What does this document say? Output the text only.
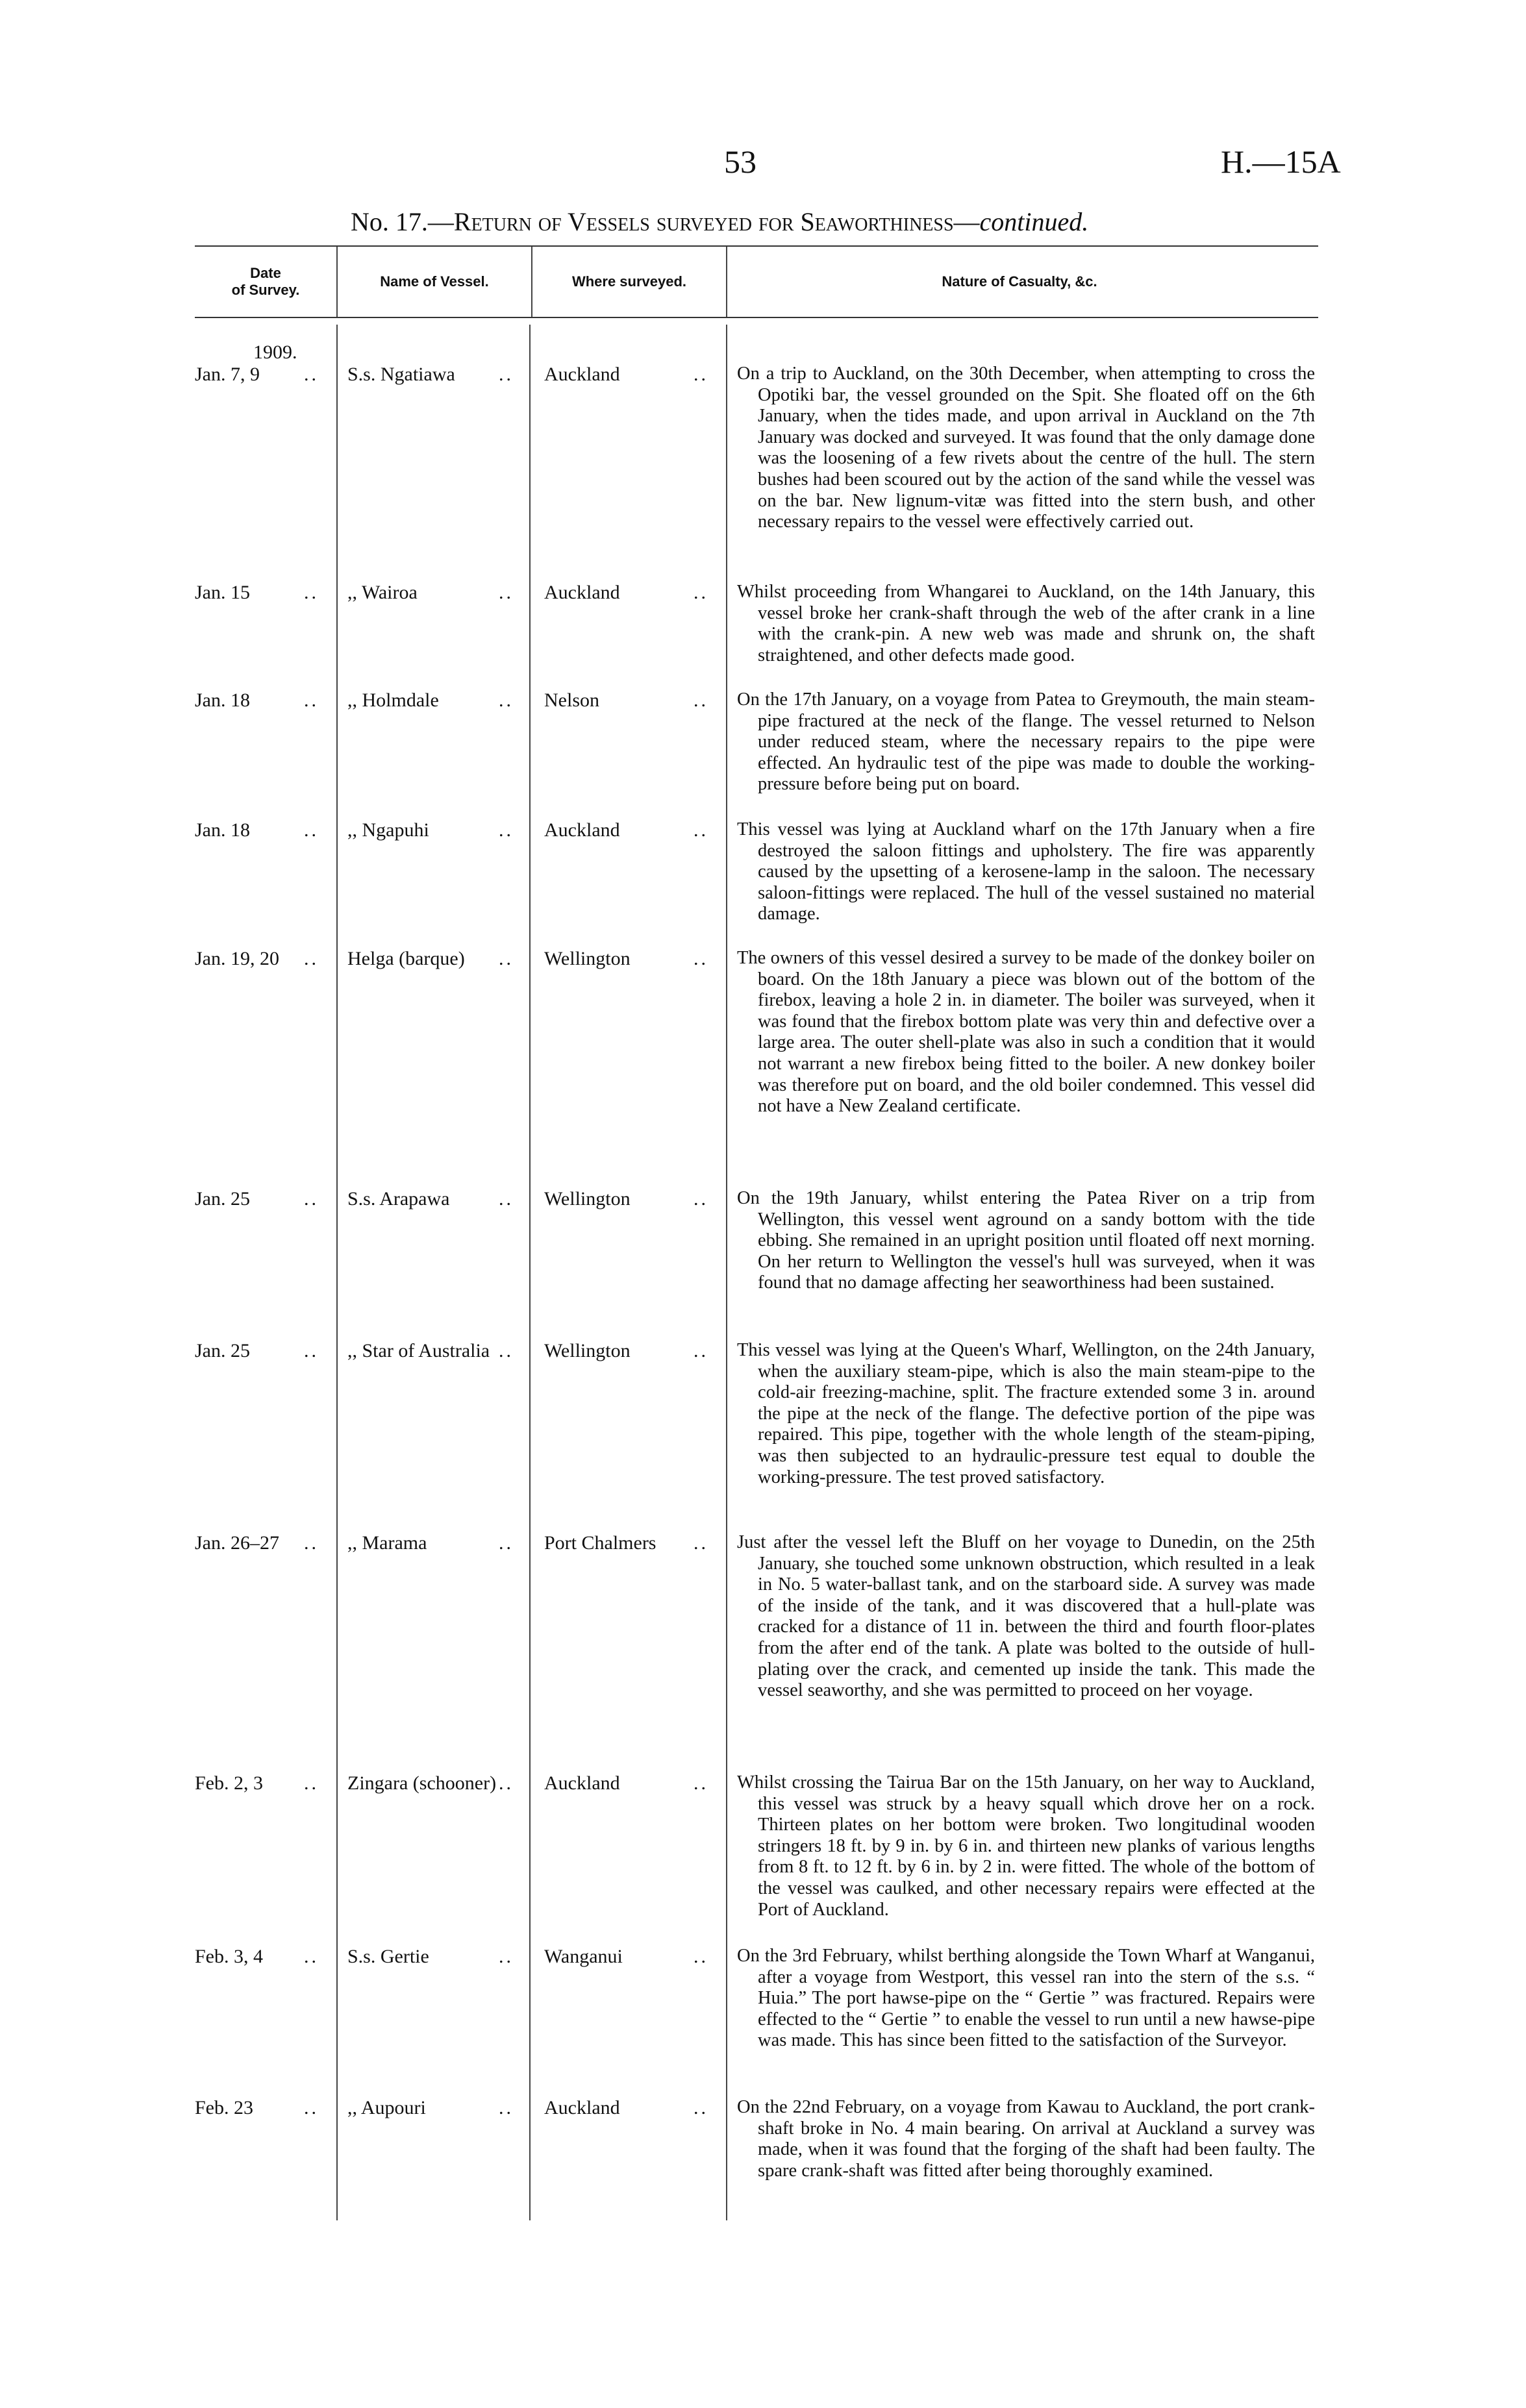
53	H.—15A
No. 17.—Return of Vessels surveyed for Seaworthiness—continued.
Date
of Survey.
Name of Vessel.	Where surveyed.	Nature of Casualty, &c.
1909.
Jan. 7, 9 .. S.s. Ngatiawa	.. Auckland	.. On a trip to Auckland, on the 30th December, when attempting to cross the Opotiki bar, the vessel grounded on the Spit. She floated off on the 6th January, when the tides made, and upon arrival in Auckland on the 7th January was docked and surveyed. It was found that the only damage done was the loosening of a few rivets about the centre of the hull. The stern bushes had been scoured out by the action of the sand while the vessel was on the bar. New lignum-vitæ was fitted into the stern bush, and other necessary repairs to the vessel were effectively carried out.

Jan. 15	.. ,, Wairoa	.. Auckland	.. Whilst proceeding from Whangarei to Auckland, on the 14th January, this vessel broke her crank-shaft through the web of the after crank in a line with the crank-pin. A new web was made and shrunk on, the shaft straightened, and other defects made good.

Jan. 18	.. ,, Holmdale	.. Nelson	.. On the 17th January, on a voyage from Patea to Greymouth, the main steam-pipe fractured at the neck of the flange. The vessel returned to Nelson under reduced steam, where the necessary repairs to the pipe were effected. An hydraulic test of the pipe was made to double the working-pressure before being put on board.

Jan. 18	.. ,, Ngapuhi	.. Auckland	.. This vessel was lying at Auckland wharf on the 17th January when a fire destroyed the saloon fittings and upholstery. The fire was apparently caused by the upsetting of a kerosene-lamp in the saloon. The necessary saloon-fittings were replaced. The hull of the vessel sustained no material damage.

Jan. 19, 20 .. Helga (barque)	.. Wellington	.. The owners of this vessel desired a survey to be made of the donkey boiler on board. On the 18th January a piece was blown out of the bottom of the firebox, leaving a hole 2 in. in diameter. The boiler was surveyed, when it was found that the firebox bottom plate was very thin and defective over a large area. The outer shell-plate was also in such a condition that it would not warrant a new firebox being fitted to the boiler. A new donkey boiler was therefore put on board, and the old boiler condemned. This vessel did not have a New Zealand certificate.

Jan. 25	.. S.s. Arapawa	.. Wellington	.. On the 19th January, whilst entering the Patea River on a trip from Wellington, this vessel went aground on a sandy bottom with the tide ebbing. She remained in an upright position until floated off next morning. On her return to Wellington the vessel's hull was surveyed, when it was found that no damage affecting her seaworthiness had been sustained.

Jan. 25	.. ,, Star of Australia .. Wellington	.. This vessel was lying at the Queen's Wharf, Wellington, on the 24th January, when the auxiliary steam-pipe, which is also the main steam-pipe to the cold-air freezing-machine, split. The fracture extended some 3 in. around the pipe at the neck of the flange. The defective portion of the pipe was repaired. This pipe, together with the whole length of the steam-piping, was then subjected to an hydraulic-pressure test equal to double the working-pressure. The test proved satisfactory.

Jan. 26–27 .. ,, Marama	.. Port Chalmers .. Just after the vessel left the Bluff on her voyage to Dunedin, on the 25th January, she touched some unknown obstruction, which resulted in a leak in No. 5 water-ballast tank, and on the starboard side. A survey was made of the inside of the tank, and it was discovered that a hull-plate was cracked for a distance of 11 in. between the third and fourth floor-plates from the after end of the tank. A plate was bolted to the outside of hull-plating over the crack, and cemented up inside the tank. This made the vessel seaworthy, and she was permitted to proceed on her voyage.

Feb. 2, 3 .. Zingara (schooner) .. Auckland	.. Whilst crossing the Tairua Bar on the 15th January, on her way to Auckland, this vessel was struck by a heavy squall which drove her on a rock. Thirteen plates on her bottom were broken. Two longitudinal wooden stringers 18 ft. by 9 in. by 6 in. and thirteen new planks of various lengths from 8 ft. to 12 ft. by 6 in. by 2 in. were fitted. The whole of the bottom of the vessel was caulked, and other necessary repairs were effected at the Port of Auckland.

Feb. 3, 4 .. S.s. Gertie	.. Wanganui	.. On the 3rd February, whilst berthing alongside the Town Wharf at Wanganui, after a voyage from Westport, this vessel ran into the stern of the s.s. “ Huia.” The port hawse-pipe on the “ Gertie ” was fractured. Repairs were effected to the “ Gertie ” to enable the vessel to run until a new hawse-pipe was made. This has since been fitted to the satisfaction of the Surveyor.

Feb. 23	.. ,, Aupouri	.. Auckland	.. On the 22nd February, on a voyage from Kawau to Auckland, the port crank-shaft broke in No. 4 main bearing. On arrival at Auckland a survey was made, when it was found that the forging of the shaft had been faulty. The spare crank-shaft was fitted after being thoroughly examined.
